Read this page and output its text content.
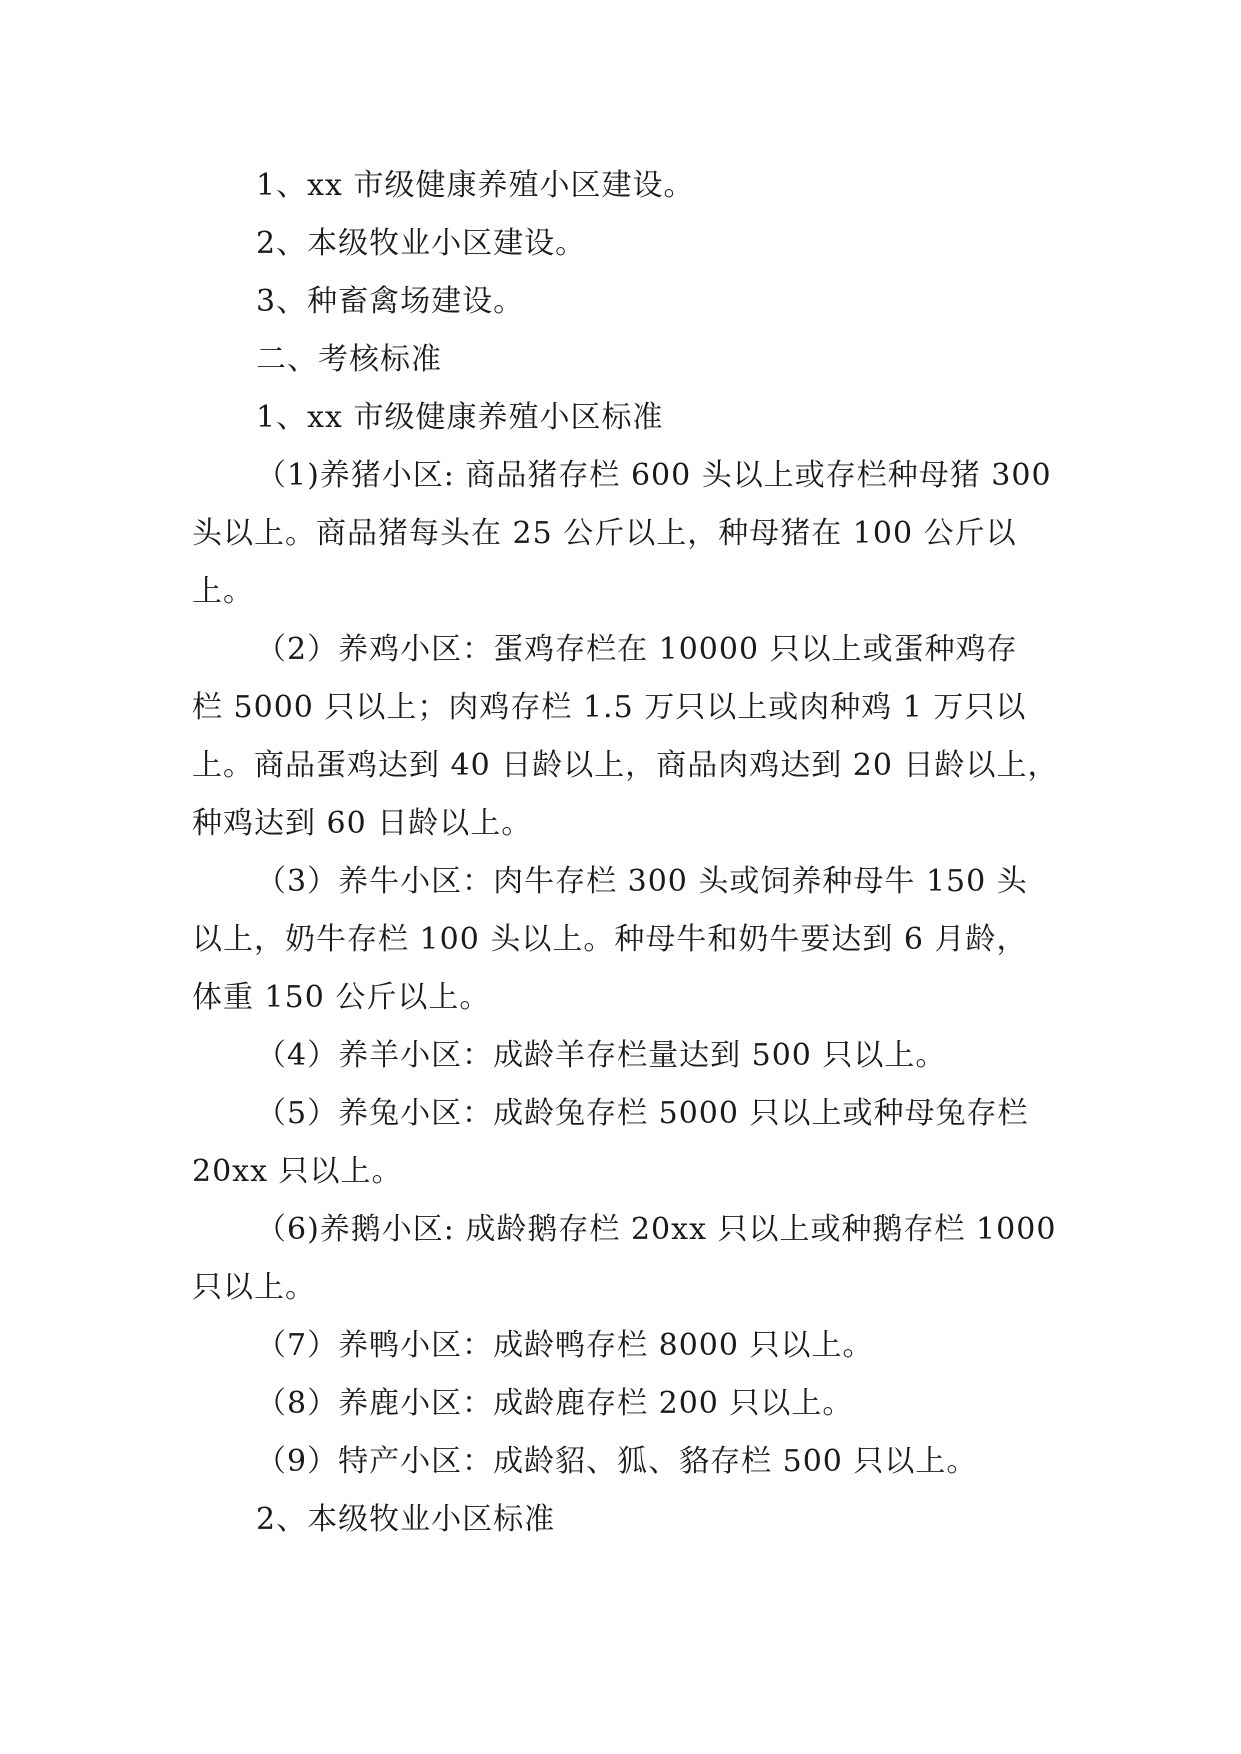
1、xx 市级健康养殖小区建设。
2、本级牧业小区建设。
3、种畜禽场建设。
二、考核标准
1、xx 市级健康养殖小区标准
（1)养猪小区: 商品猪存栏 600 头以上或存栏种母猪 300
头以上。商品猪每头在 25 公斤以上，种母猪在 100 公斤以
上。
（2）养鸡小区：蛋鸡存栏在 10000 只以上或蛋种鸡存
栏 5000 只以上；肉鸡存栏 1.5 万只以上或肉种鸡 1 万只以
上。商品蛋鸡达到 40 日龄以上，商品肉鸡达到 20 日龄以上，
种鸡达到 60 日龄以上。
（3）养牛小区：肉牛存栏 300 头或饲养种母牛 150 头
以上，奶牛存栏 100 头以上。种母牛和奶牛要达到 6 月龄，
体重 150 公斤以上。
（4）养羊小区：成龄羊存栏量达到 500 只以上。
（5）养兔小区：成龄兔存栏 5000 只以上或种母兔存栏
20xx 只以上。
（6)养鹅小区: 成龄鹅存栏 20xx 只以上或种鹅存栏 1000
只以上。
（7）养鸭小区：成龄鸭存栏 8000 只以上。
（8）养鹿小区：成龄鹿存栏 200 只以上。
（9）特产小区：成龄貂、狐、貉存栏 500 只以上。
2、本级牧业小区标准
